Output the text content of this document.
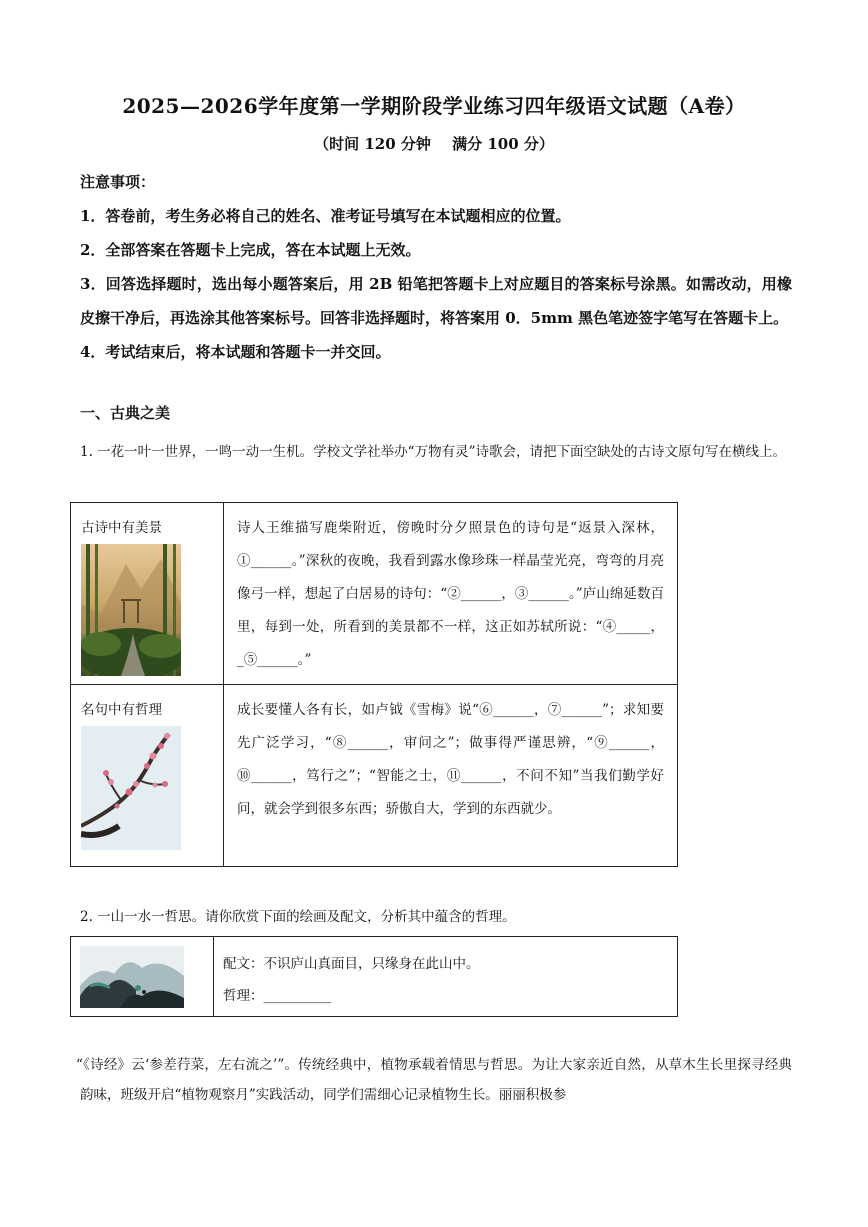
2025—2026学年度第一学期阶段学业练习四年级语文试题（A卷）
（时间 120 分钟 满分 100 分）

注意事项：

1．答卷前，考生务必将自己的姓名、准考证号填写在本试题相应的位置。

2．全部答案在答题卡上完成，答在本试题上无效。

3．回答选择题时，选出每小题答案后，用 2B 铅笔把答题卡上对应题目的答案标号涂黑。如需改动，用橡皮擦干净后，再选涂其他答案标号。回答非选择题时，将答案用 0．5mm 黑色笔迹签字笔写在答题卡上。

4．考试结束后，将本试题和答题卡一并交回。

一、古典之美
1. 一花一叶一世界，一鸣一动一生机。学校文学社举办“万物有灵”诗歌会，请把下面空缺处的古诗文原句写在横线上。
古诗中有美景	诗人王维描写鹿柴附近，傍晚时分夕照景色的诗句是“返景入深林，①______。”深秋的夜晚，我看到露水像珍珠一样晶莹光亮，弯弯的月亮像弓一样，想起了白居易的诗句：“②______，③______。”庐山绵延数百里，每到一处，所看到的美景都不一样，这正如苏轼所说：“④_____，_⑤______。”

名句中有哲理	成长要懂人各有长，如卢钺《雪梅》说“⑥______，⑦______”；求知要先广泛学习，“⑧______，审问之”；做事得严谨思辨，“⑨______，⑩______，笃行之”；“智能之士，⑪______，不问不知”当我们勤学好问，就会学到很多东西；骄傲自大，学到的东西就少。
2. 一山一水一哲思。请你欣赏下面的绘画及配文，分析其中蕴含的哲理。

配文：不识庐山真面目，只缘身在此山中。
哲理：__________
“《诗经》云‘参差荇菜，左右流之’”。传统经典中，植物承载着情思与哲思。为让大家亲近自然，从草木生长里探寻经典韵味，班级开启“植物观察月”实践活动，同学们需细心记录植物生长。丽丽积极参
